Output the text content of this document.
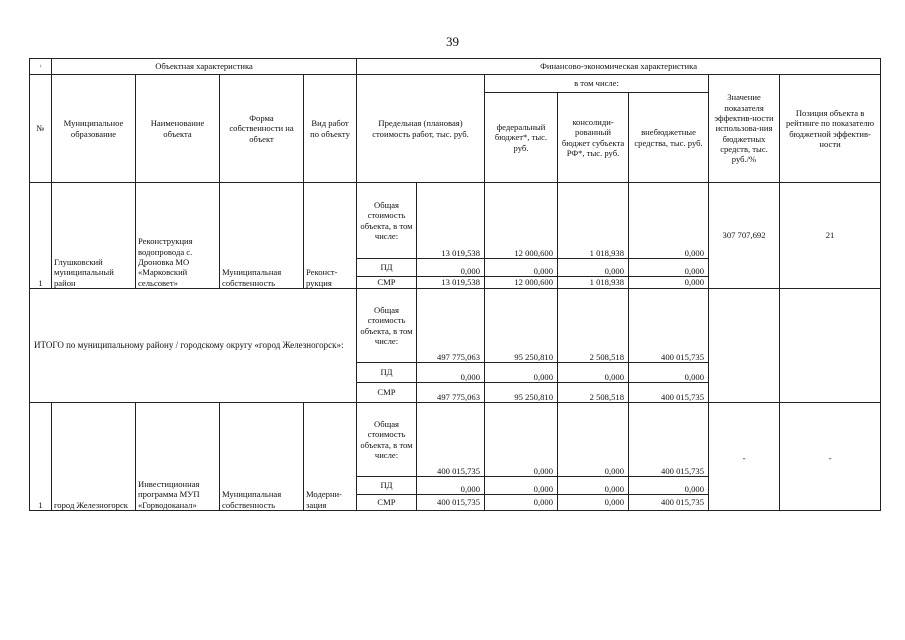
39
›	Объектная характеристика				Финансово-экономическая характеристика						
№	Муниципальное образование	Наименование объекта	Форма собственности на объект	Вид работ по объекту	Предельная (плановая) стоимость работ, тыс. руб.		в том числе:			Значение показателя эффектив-ности использова-ния бюджетных средств, тыс. руб./%	Позиция объекта в рейтинге по показателю бюджетной эффектив-ности
							федеральный бюджет*, тыс. руб.	консолиди-рованный бюджет субъекта РФ*, тыс. руб.	внебюджетные средства, тыс. руб.		
1	Глушковский муниципальный район	Реконструкция водопровода с. Дроновка МО «Марковский сельсовет»	Муниципальная собственность	Реконст-рукция	Общая стоимость объекта, в том числе:	13 019,538	12 000,600	1 018,938	0,000	307 707,692	21
					ПД	0,000	0,000	0,000	0,000		
					СМР	13 019,538	12 000,600	1 018,938	0,000		
ИТОГО по муниципальному району / городскому округу «город Железногорск»:					Общая стоимость объекта, в том числе:	497 775,063	95 250,810	2 508,518	400 015,735		
					ПД	0,000	0,000	0,000	0,000		
					СМР	497 775,063	95 250,810	2 508,518	400 015,735		
1	город Железногорск	Инвестиционная программа МУП «Горводоканал»	Муниципальная собственность	Модерни-зация	Общая стоимость объекта, в том числе:	400 015,735	0,000	0,000	400 015,735	-	-
					ПД	0,000	0,000	0,000	0,000		
					СМР	400 015,735	0,000	0,000	400 015,735		
